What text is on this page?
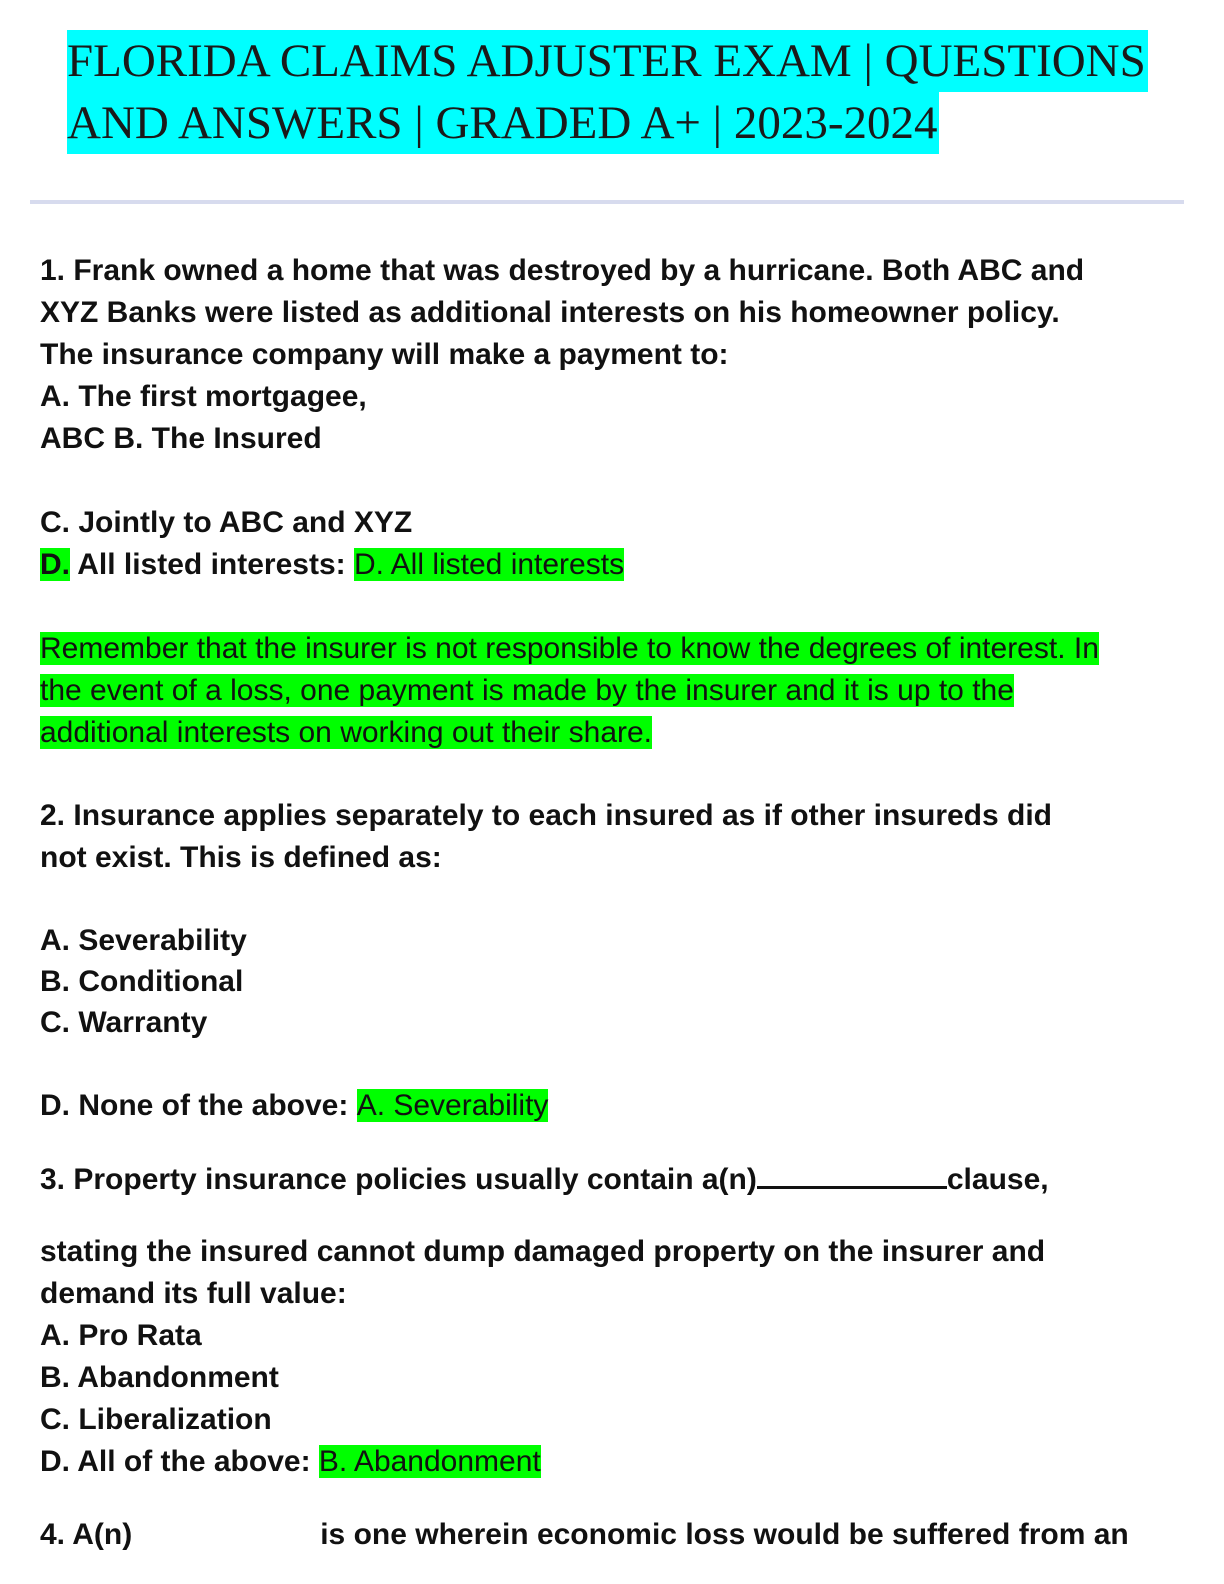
FLORIDA CLAIMS ADJUSTER EXAM | QUESTIONS
AND ANSWERS | GRADED A+ | 2023-2024
1. Frank owned a home that was destroyed by a hurricane. Both ABC and
XYZ Banks were listed as additional interests on his homeowner policy.
The insurance company will make a payment to:
A. The first mortgagee,
ABC B. The Insured
C. Jointly to ABC and XYZ
D. All listed interests: D. All listed interests
Remember that the insurer is not responsible to know the degrees of interest. In
the event of a loss, one payment is made by the insurer and it is up to the
additional interests on working out their share.
2. Insurance applies separately to each insured as if other insureds did
not exist. This is defined as:
A. Severability
B. Conditional
C. Warranty
D. None of the above: A. Severability
3. Property insurance policies usually contain a(n)	clause,
stating the insured cannot dump damaged property on the insurer and
demand its full value:
A. Pro Rata
B. Abandonment
C. Liberalization
D. All of the above: B. Abandonment
4. A(n)	is one wherein economic loss would be suffered from an
